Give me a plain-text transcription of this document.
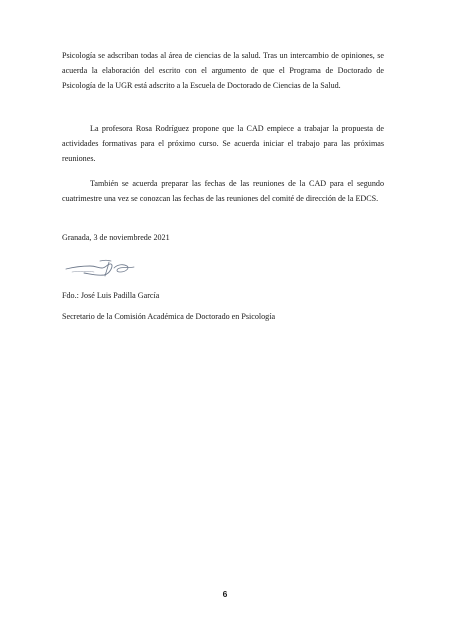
Psicología se adscriban todas al área de ciencias de la salud. Tras un intercambio de opiniones, se acuerda la elaboración del escrito con el argumento de que el Programa de Doctorado de Psicología de la UGR está adscrito a la Escuela de Doctorado de Ciencias de la Salud.

La profesora Rosa Rodríguez propone que la CAD empiece a trabajar la propuesta de actividades formativas para el próximo curso. Se acuerda iniciar el trabajo para las próximas reuniones.

También se acuerda preparar las fechas de las reuniones de la CAD para el segundo cuatrimestre una vez se conozcan las fechas de las reuniones del comité de dirección de la EDCS.

Granada, 3 de noviembrede 2021

Fdo.: José Luis Padilla García

Secretario de la Comisión Académica de Doctorado en Psicología

6
